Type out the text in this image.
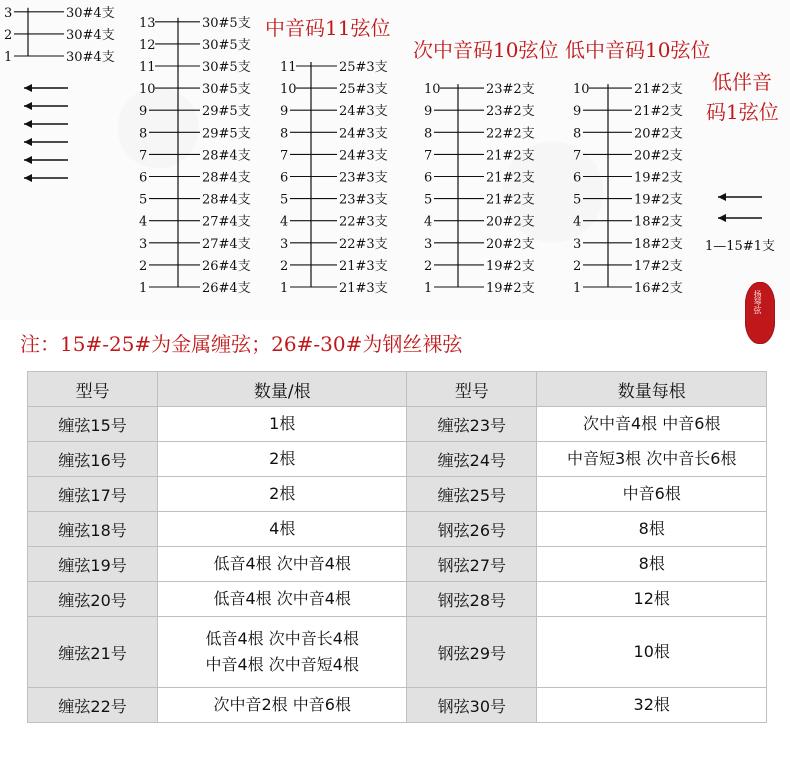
3	30#4支
2	30#4支
1	30#4支
13	30#5支
12	30#5支
11	30#5支
10	30#5支
9	29#5支
8	29#5支
7	28#4支
6	28#4支
5	28#4支
4	27#4支
3	27#4支
2	26#4支
1	26#4支
11	25#3支
10	25#3支
9	24#3支
8	24#3支
7	24#3支
6	23#3支
5	23#3支
4	22#3支
3	22#3支
2	21#3支
1	21#3支
10	23#2支
9	23#2支
8	22#2支
7	21#2支
6	21#2支
5	21#2支
4	20#2支
3	20#2支
2	19#2支
1	19#2支
10	21#2支
9	21#2支
8	20#2支
7	20#2支
6	19#2支
5	19#2支
4	18#2支
3	18#2支
2	17#2支
1	16#2支
1—15#1支
中音码11弦位
次中音码10弦位 低中音码10弦位
低伴音
码1弦位
扬琴弦
注：15#-25#为金属缠弦；26#-30#为钢丝裸弦
型号	数量/根	型号	数量每根
缠弦15号	1根	缠弦23号	次中音4根 中音6根

缠弦16号	2根	缠弦24号	中音短3根 次中音长6根

缠弦17号	2根	缠弦25号	中音6根

缠弦18号	4根	钢弦26号	8根

缠弦19号	低音4根 次中音4根	钢弦27号	8根

缠弦20号	低音4根 次中音4根	钢弦28号	12根

缠弦21号	低音4根 次中音长4根
中音4根 次中音短4根	钢弦29号	10根

缠弦22号	次中音2根 中音6根	钢弦30号	32根
